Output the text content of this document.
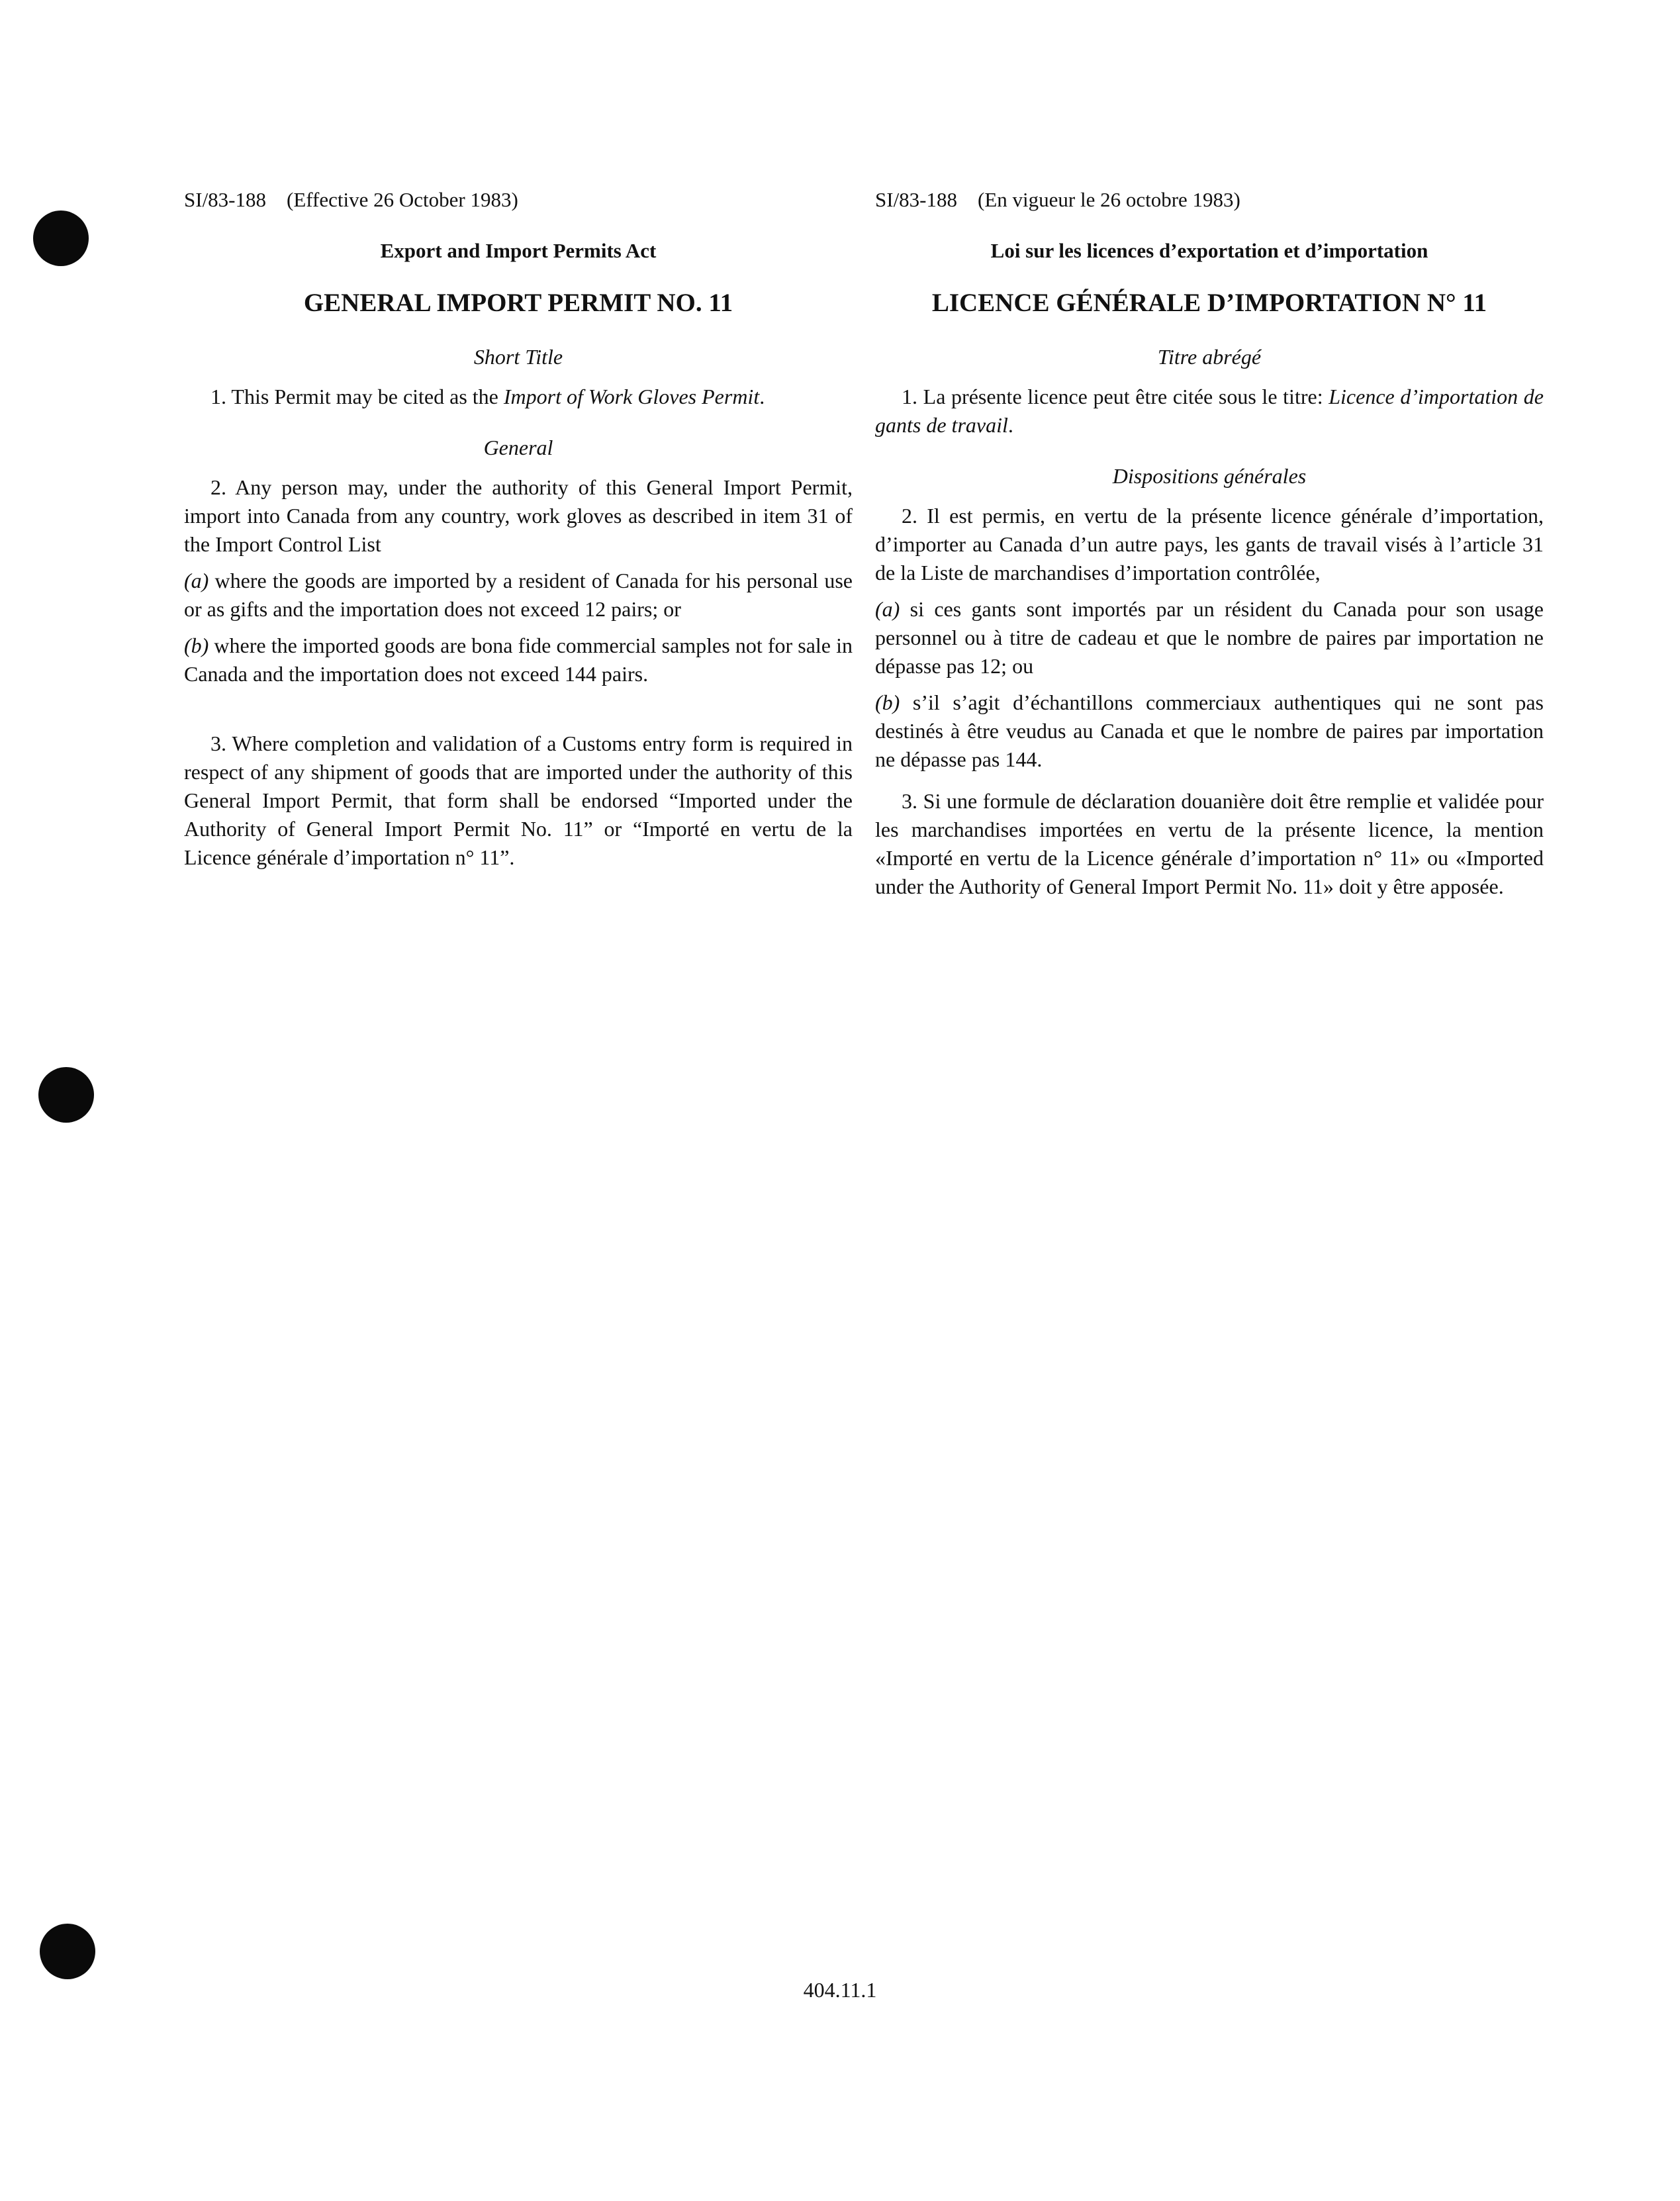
SI/83-188 (Effective 26 October 1983)
Export and Import Permits Act
GENERAL IMPORT PERMIT NO. 11
Short Title

1. This Permit may be cited as the Import of Work Gloves Permit.

General

2. Any person may, under the authority of this General Import Permit, import into Canada from any country, work gloves as described in item 31 of the Import Control List

(a) where the goods are imported by a resident of Canada for his personal use or as gifts and the importation does not exceed 12 pairs; or

(b) where the imported goods are bona fide commercial samples not for sale in Canada and the importation does not exceed 144 pairs.

3. Where completion and validation of a Customs entry form is required in respect of any shipment of goods that are imported under the authority of this General Import Permit, that form shall be endorsed “Imported under the Authority of General Import Permit No. 11” or “Importé en vertu de la Licence générale d’importation n° 11”.

SI/83-188 (En vigueur le 26 octobre 1983)
Loi sur les licences d’exportation et d’importation
LICENCE GÉNÉRALE D’IMPORTATION N° 11
Titre abrégé

1. La présente licence peut être citée sous le titre: Licence d’importation de gants de travail.

Dispositions générales

2. Il est permis, en vertu de la présente licence générale d’importation, d’importer au Canada d’un autre pays, les gants de travail visés à l’article 31 de la Liste de marchandises d’importation contrôlée,

(a) si ces gants sont importés par un résident du Canada pour son usage personnel ou à titre de cadeau et que le nombre de paires par importation ne dépasse pas 12; ou

(b) s’il s’agit d’échantillons commerciaux authentiques qui ne sont pas destinés à être veudus au Canada et que le nombre de paires par importation ne dépasse pas 144.

3. Si une formule de déclaration douanière doit être remplie et validée pour les marchandises importées en vertu de la présente licence, la mention «Importé en vertu de la Licence générale d’importation n° 11» ou «Imported under the Authority of General Import Permit No. 11» doit y être apposée.

404.11.1
